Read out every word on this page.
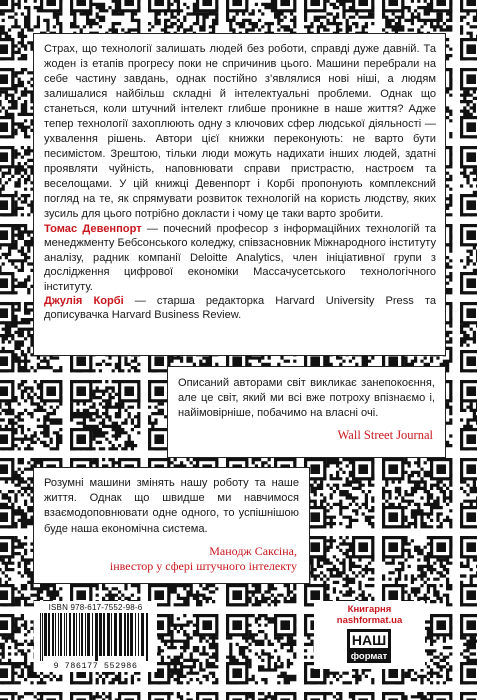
Страх, що технології залишать людей без роботи, справді дуже давній. Та жоден із етапів прогресу поки не спричинив цього. Машини перебрали на себе частину завдань, однак постійно з’являлися нові ніші, а людям залишалися найбільш складні й інтелектуальні проблеми. Однак що станеться, коли штучний інтелект глибше проникне в наше життя? Адже тепер технології захоплюють одну з ключових сфер людської діяльності — ухвалення рішень. Автори цієї книжки переконують: не варто бути песимістом. Зрештою, тільки люди можуть надихати інших людей, здатні проявляти чуйність, наповнювати справи пристрастю, настроєм та веселощами. У цій книжці Девенпорт і Корбі пропонують комплексний погляд на те, як спрямувати розвиток технологій на користь людству, яких зусиль для цього потрібно докласти і чому це таки варто зробити.

Томас Девенпорт — почесний професор з інформаційних технологій та менеджменту Бебсонського коледжу, співзасновник Міжнародного інституту аналізу, радник компанії Deloitte Analytics, член ініціативної групи з дослідження цифрової економіки Массачусетського технологічного інституту.

Джулія Корбі — старша редакторка Harvard University Press та дописувачка Harvard Business Review.

Описаний авторами світ викликає занепокоєння, але це світ, який ми всі вже потроху впізнаємо і, найімовірніше, побачимо на власні очі.

Wall Street Journal

Розумні машини змінять нашу роботу та наше життя. Однак що швидше ми навчимося взаємодоповнювати одне одного, то успішнішою буде наша економічна система.

Манодж Саксіна,
інвестор у сфері штучного інтелекту

ISBN 978-617-7552-98-6
9 786177 552986
Книгарня
nashformat.ua
НАШ
формат
